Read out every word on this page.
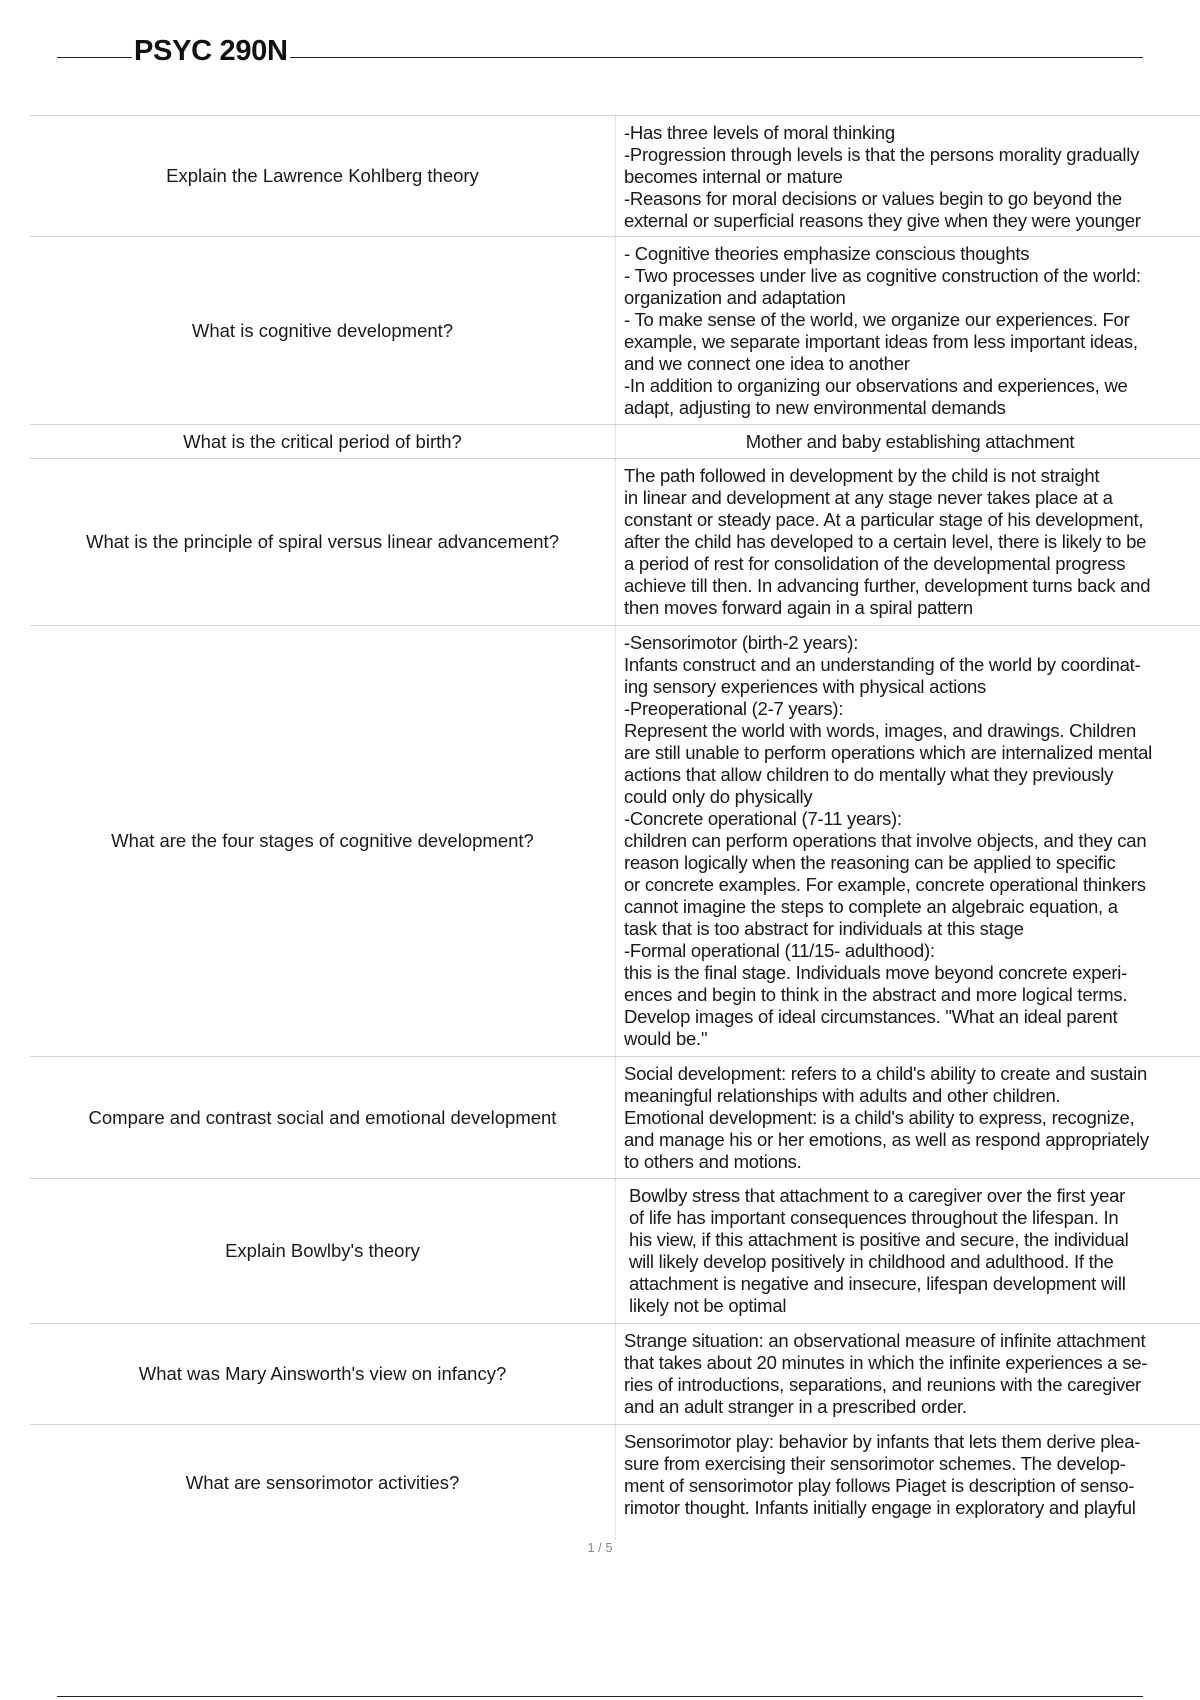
PSYC 290N
Explain the Lawrence Kohlberg theory
-Has three levels of moral thinking
-Progression through levels is that the persons morality gradually
becomes internal or mature
-Reasons for moral decisions or values begin to go beyond the
external or superficial reasons they give when they were younger
What is cognitive development?
- Cognitive theories emphasize conscious thoughts
- Two processes under live as cognitive construction of the world:
organization and adaptation
- To make sense of the world, we organize our experiences. For
example, we separate important ideas from less important ideas,
and we connect one idea to another
-In addition to organizing our observations and experiences, we
adapt, adjusting to new environmental demands
What is the critical period of birth?	Mother and baby establishing attachment
What is the principle of spiral versus linear advancement?
The path followed in development by the child is not straight
in linear and development at any stage never takes place at a
constant or steady pace. At a particular stage of his development,
after the child has developed to a certain level, there is likely to be
a period of rest for consolidation of the developmental progress
achieve till then. In advancing further, development turns back and
then moves forward again in a spiral pattern
What are the four stages of cognitive development?
-Sensorimotor (birth-2 years):
Infants construct and an understanding of the world by coordinat-
ing sensory experiences with physical actions
-Preoperational (2-7 years):
Represent the world with words, images, and drawings. Children
are still unable to perform operations which are internalized mental
actions that allow children to do mentally what they previously
could only do physically
-Concrete operational (7-11 years):
children can perform operations that involve objects, and they can
reason logically when the reasoning can be applied to specific
or concrete examples. For example, concrete operational thinkers
cannot imagine the steps to complete an algebraic equation, a
task that is too abstract for individuals at this stage
-Formal operational (11/15- adulthood):
this is the final stage. Individuals move beyond concrete experi-
ences and begin to think in the abstract and more logical terms.
Develop images of ideal circumstances. "What an ideal parent
would be."
Compare and contrast social and emotional development
Social development: refers to a child's ability to create and sustain
meaningful relationships with adults and other children.
Emotional development: is a child's ability to express, recognize,
and manage his or her emotions, as well as respond appropriately
to others and motions.
Explain Bowlby's theory
Bowlby stress that attachment to a caregiver over the first year
of life has important consequences throughout the lifespan. In
his view, if this attachment is positive and secure, the individual
will likely develop positively in childhood and adulthood. If the
attachment is negative and insecure, lifespan development will
likely not be optimal
What was Mary Ainsworth's view on infancy?
Strange situation: an observational measure of infinite attachment
that takes about 20 minutes in which the infinite experiences a se-
ries of introductions, separations, and reunions with the caregiver
and an adult stranger in a prescribed order.
What are sensorimotor activities?
Sensorimotor play: behavior by infants that lets them derive plea-
sure from exercising their sensorimotor schemes. The develop-
ment of sensorimotor play follows Piaget is description of senso-
rimotor thought. Infants initially engage in exploratory and playful
1 / 5
